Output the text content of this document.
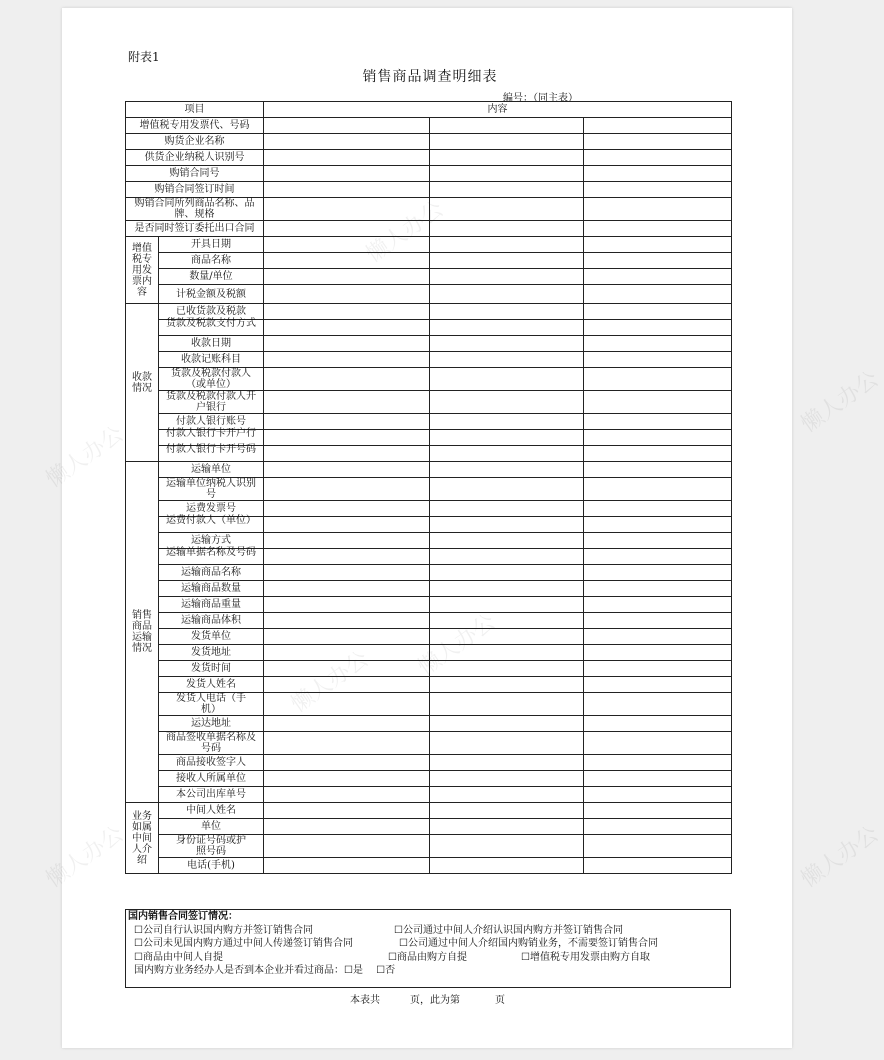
懒人办公
懒人办公
懒人办公
懒人办公
懒人办公
懒人办公
懒人办公
附表1
销售商品调查明细表
编号：（同主表）
项目		内容		
增值税专用发票代、号码				
购货企业名称				
供货企业纳税人识别号				
购销合同号				
购销合同签订时间				
购销合同所列商品名称、品牌、规格				
是否同时签订委托出口合同				
增值税专用发票内容	开具日期			
	商品名称			
	数量/单位			
	计税金额及税额			
收款情况	已收货款及税款			

	货款及税款支付方式			

	收款日期			
	收款记账科目			
	货款及税款付款人（或单位）			
	货款及税款付款人开户银行			
	付款人银行账号			

	付款人银行卡开户行			

	付款人银行卡开号码			

销售商品运输情况	运输单位			
	运输单位纳税人识别号			
	运费发票号			

	运费付款人（单位）			

	运输方式			

	运输单据名称及号码			

	运输商品名称			
	运输商品数量			
	运输商品重量			
	运输商品体积			
	发货单位			
	发货地址			
	发货时间			
	发货人姓名			
	发货人电话（手机）			
	运达地址			
	商品签收单据名称及号码			
	商品接收签字人			
	接收人所属单位			
	本公司出库单号			
业务如属中间人介绍	中间人姓名			
	单位			
	身份证号码或护照号码			
	电话(手机)			
国内销售合同签订情况：
☐公司自行认识国内购方并签订销售合同	☐公司通过中间人介绍认识国内购方并签订销售合同
☐公司未见国内购方通过中间人传递签订销售合同	☐公司通过中间人介绍国内购销业务，不需要签订销售合同
☐商品由中间人自提	☐商品由购方自提	☐增值税专用发票由购方自取
国内购方业务经办人是否到本企业并看过商品：☐是　 ☐否
本表共	页，此为第	页
